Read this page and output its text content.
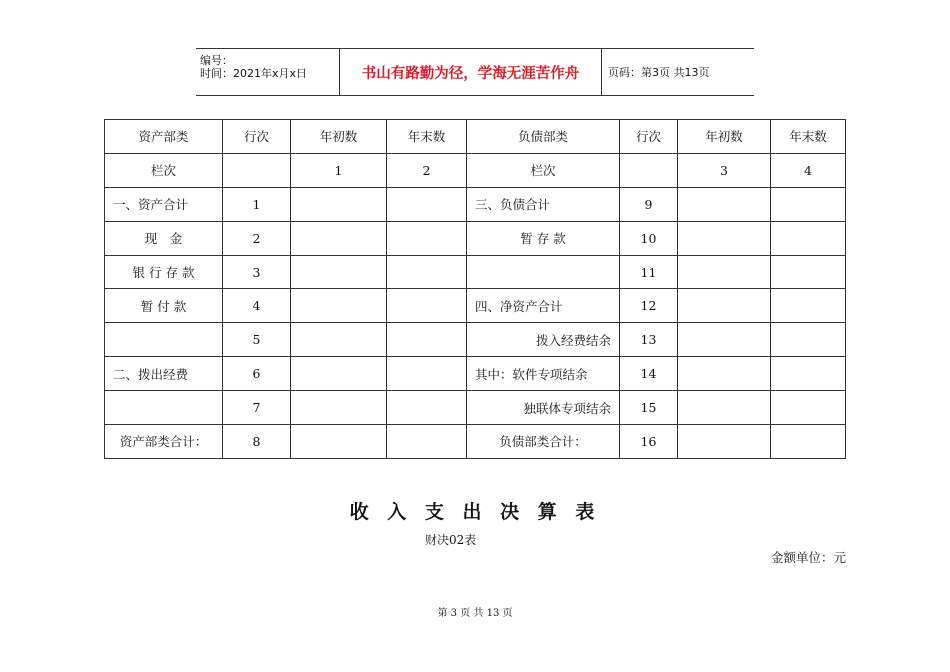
编号：
时间：2021年x月x日	书山有路勤为径，学海无涯苦作舟	页码：第3页 共13页
资产部类	行次	年初数	年末数	负债部类	行次	年初数	年末数
栏次		1	2	栏次		3	4
一、资产合计	1			三、负债合计	9		
现　金	2			暂 存 款	10		
银 行 存 款	3				11		
暂 付 款	4			四、净资产合计	12		
	5			拨入经费结余	13		
二、拨出经费	6			其中：软件专项结余	14		
	7			独联体专项结余	15		
资产部类合计：	8			负债部类合计：	16		
收 入 支 出 决 算 表
财决02表
金额单位：元
第 3 页 共 13 页
